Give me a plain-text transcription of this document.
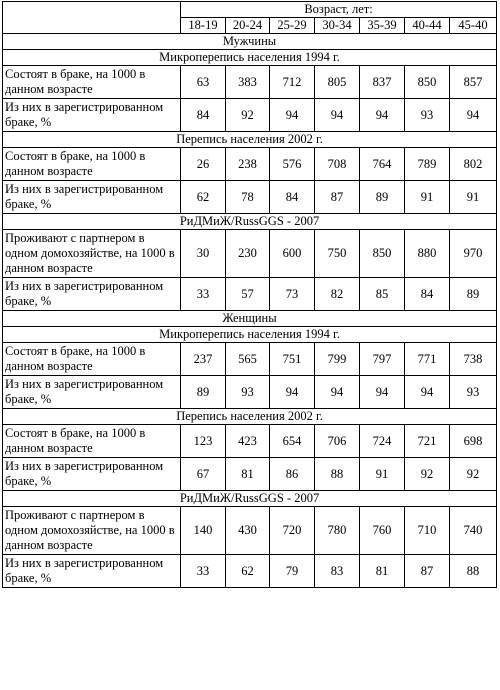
	Возраст, лет:						
	18-19	20-24	25-29	30-34	35-39	40-44	45-40
Мужчины							
Микроперепись населения 1994 г.							
Состоят в браке, на 1000 в данном возрасте	63	383	712	805	837	850	857
Из них в зарегистрированном браке, %	84	92	94	94	94	93	94
Перепись населения 2002 г.							
Состоят в браке, на 1000 в данном возрасте	26	238	576	708	764	789	802
Из них в зарегистрированном браке, %	62	78	84	87	89	91	91
РиДМиЖ/RussGGS - 2007							
Проживают с партнером в одном домохозяйстве, на 1000 в данном возрасте	30	230	600	750	850	880	970
Из них в зарегистрированном браке, %	33	57	73	82	85	84	89
Женщины							
Микроперепись населения 1994 г.							
Состоят в браке, на 1000 в данном возрасте	237	565	751	799	797	771	738
Из них в зарегистрированном браке, %	89	93	94	94	94	94	93
Перепись населения 2002 г.							
Состоят в браке, на 1000 в данном возрасте	123	423	654	706	724	721	698
Из них в зарегистрированном браке, %	67	81	86	88	91	92	92
РиДМиЖ/RussGGS - 2007							
Проживают с партнером в одном домохозяйстве, на 1000 в данном возрасте	140	430	720	780	760	710	740
Из них в зарегистрированном браке, %	33	62	79	83	81	87	88
